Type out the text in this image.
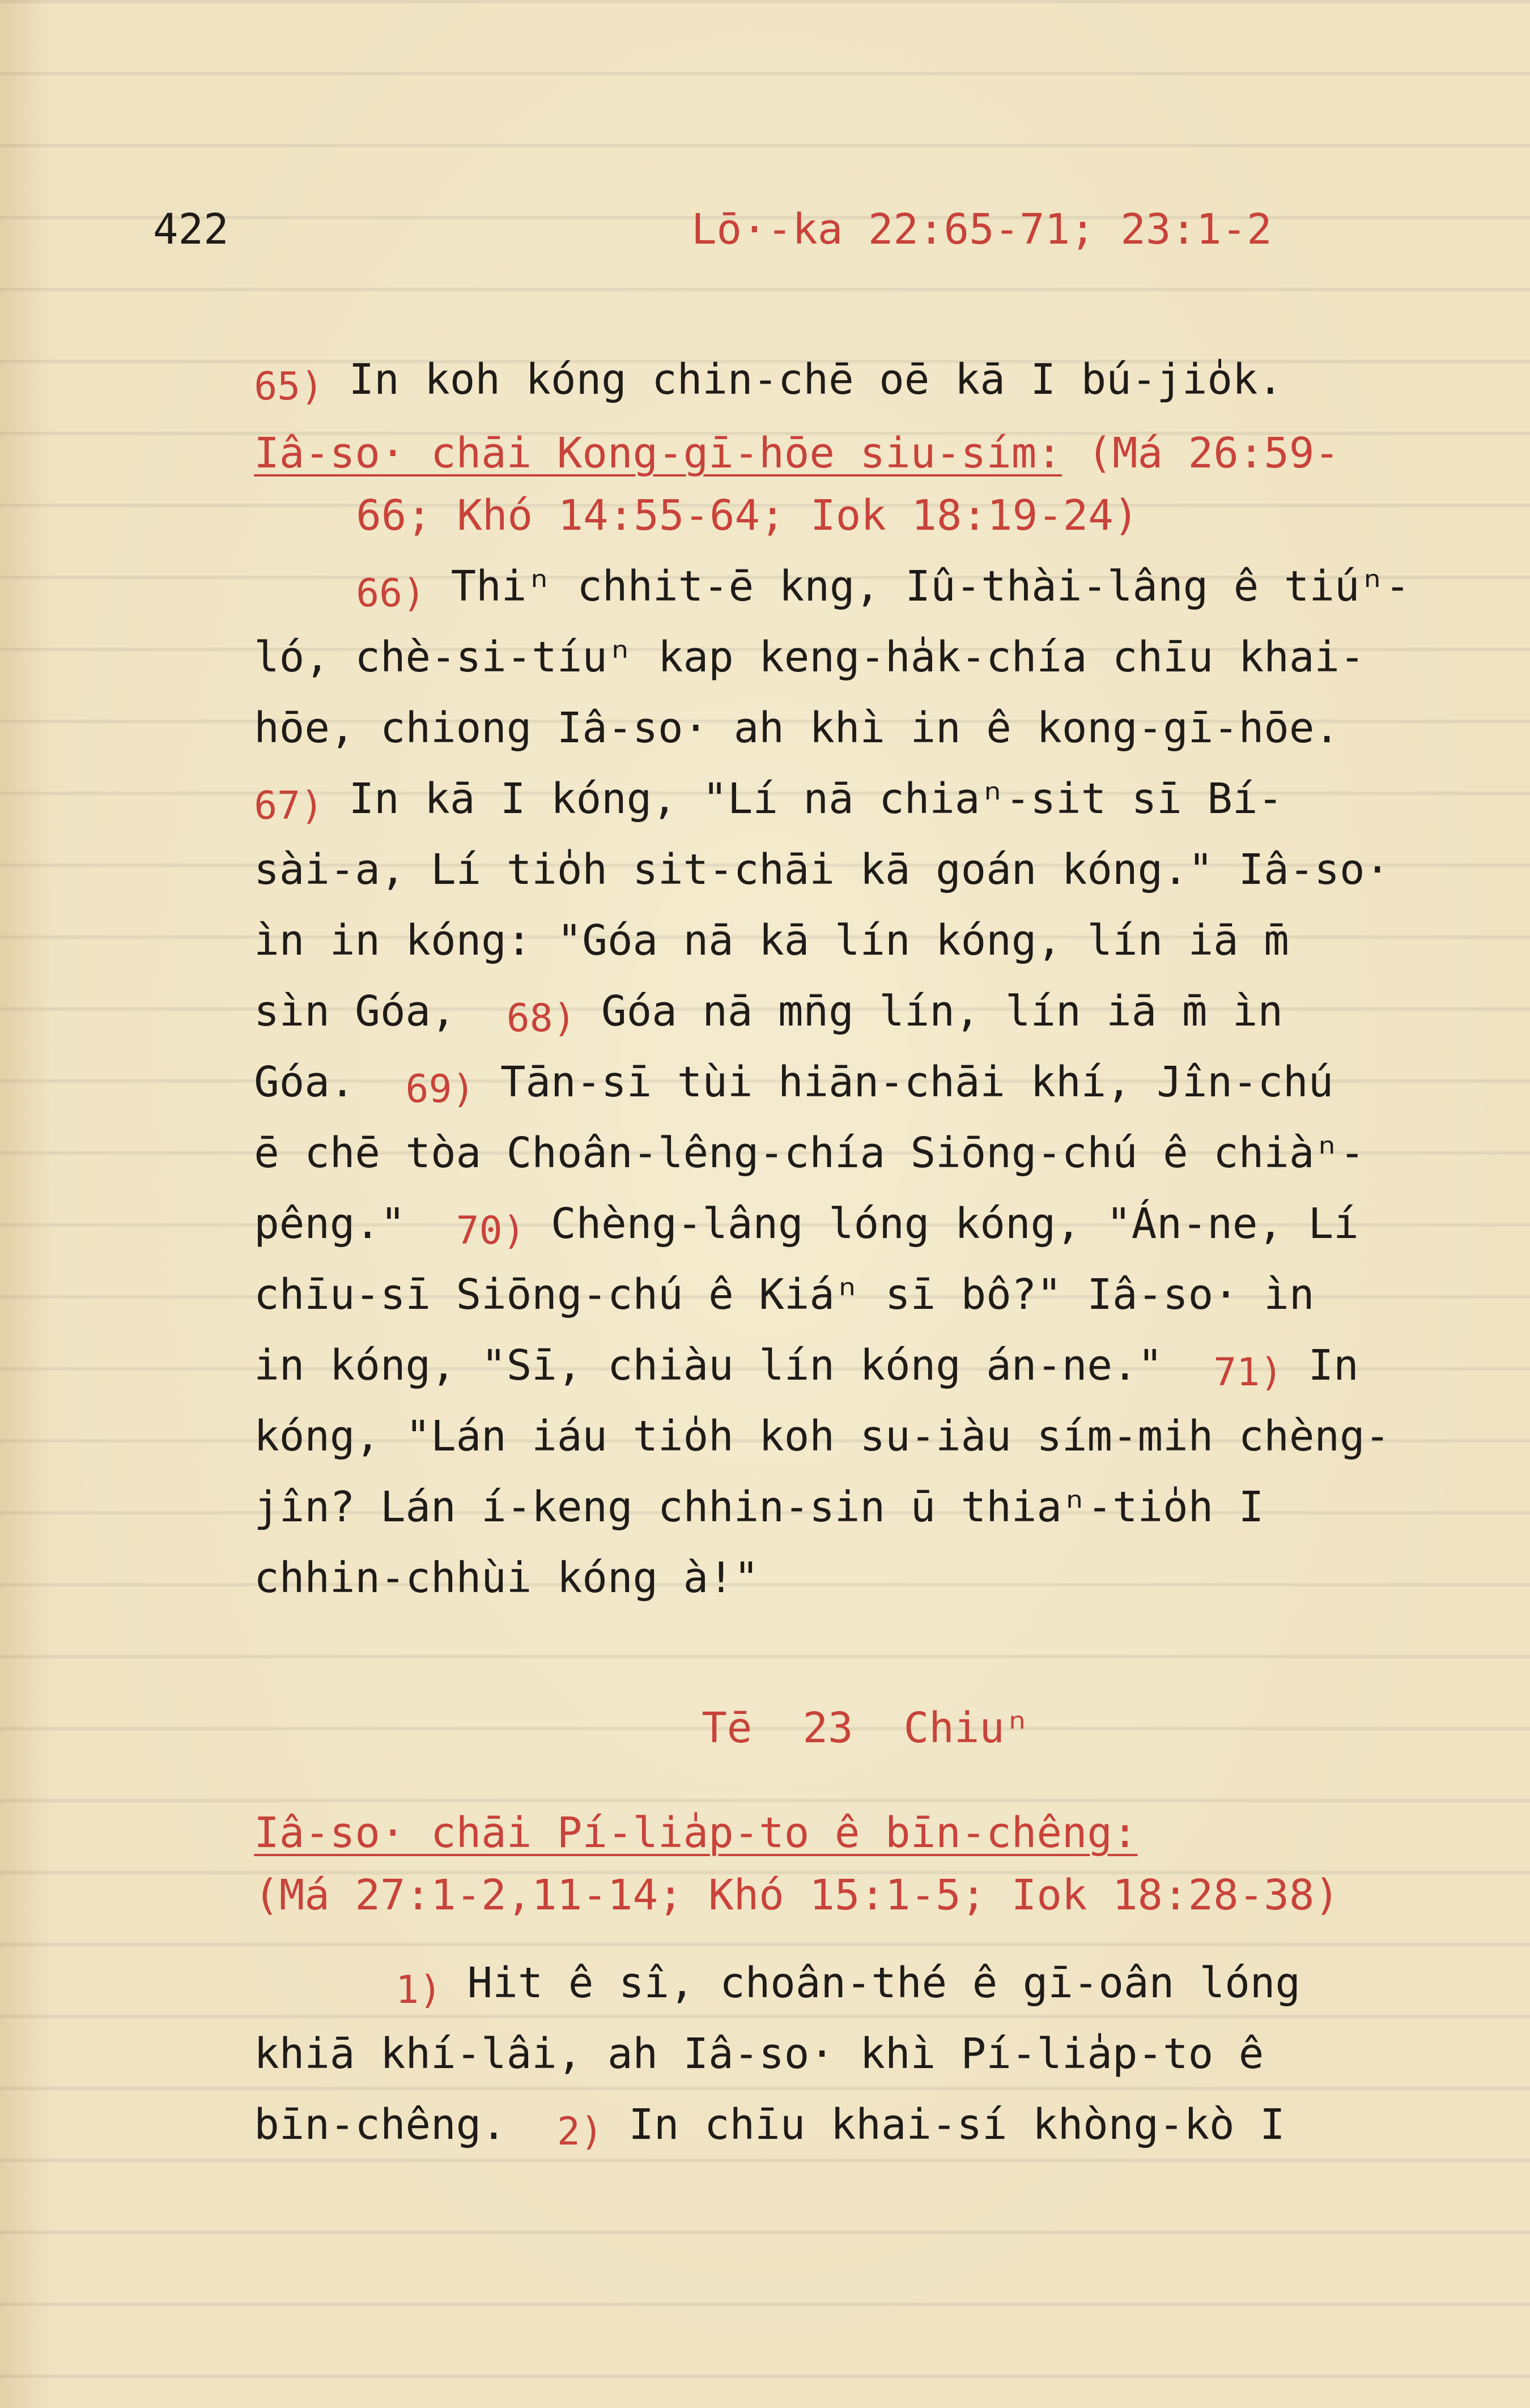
422

	Lō·-ka 22:65-71; 23:1-2

65) In koh kóng chin-chē oē kā I bú-jio̍k.

Iâ-so· chāi Kong-gī-hōe siu-sím: (Má 26:59-

66; Khó 14:55-64; Iok 18:19-24)

66) Thiⁿ chhit-ē kng, Iû-thài-lâng ê tiúⁿ-

ló, chè-si-tíuⁿ kap keng-ha̍k-chía chīu khai-

hōe, chiong Iâ-so· ah khì in ê kong-gī-hōe.

67) In kā I kóng, "Lí nā chiaⁿ-sit sī Bí-

sài-a, Lí tio̍h sit-chāi kā goán kóng." Iâ-so·

ìn in kóng: "Góa nā kā lín kóng, lín iā m̄

sìn Góa, 68) Góa nā mn̄g lín, lín iā m̄ ìn

Góa. 69) Tān-sī tùi hiān-chāi khí, Jîn-chú

ē chē tòa Choân-lêng-chía Siōng-chú ê chiàⁿ-

pêng." 70) Chèng-lâng lóng kóng, "Án-ne, Lí

chīu-sī Siōng-chú ê Kiáⁿ sī bô?" Iâ-so· ìn

in kóng, "Sī, chiàu lín kóng án-ne." 71) In

kóng, "Lán iáu tio̍h koh su-iàu sím-mih chèng-

jîn? Lán í-keng chhin-sin ū thiaⁿ-tio̍h I

chhin-chhùi kóng à!"

Tē 23 Chiuⁿ

Iâ-so· chāi Pí-lia̍p-to ê bīn-chêng:

(Má 27:1-2,11-14; Khó 15:1-5; Iok 18:28-38)

1) Hit ê sî, choân-thé ê gī-oân lóng

khiā khí-lâi, ah Iâ-so· khì Pí-lia̍p-to ê

bīn-chêng. 2) In chīu khai-sí khòng-kò I
